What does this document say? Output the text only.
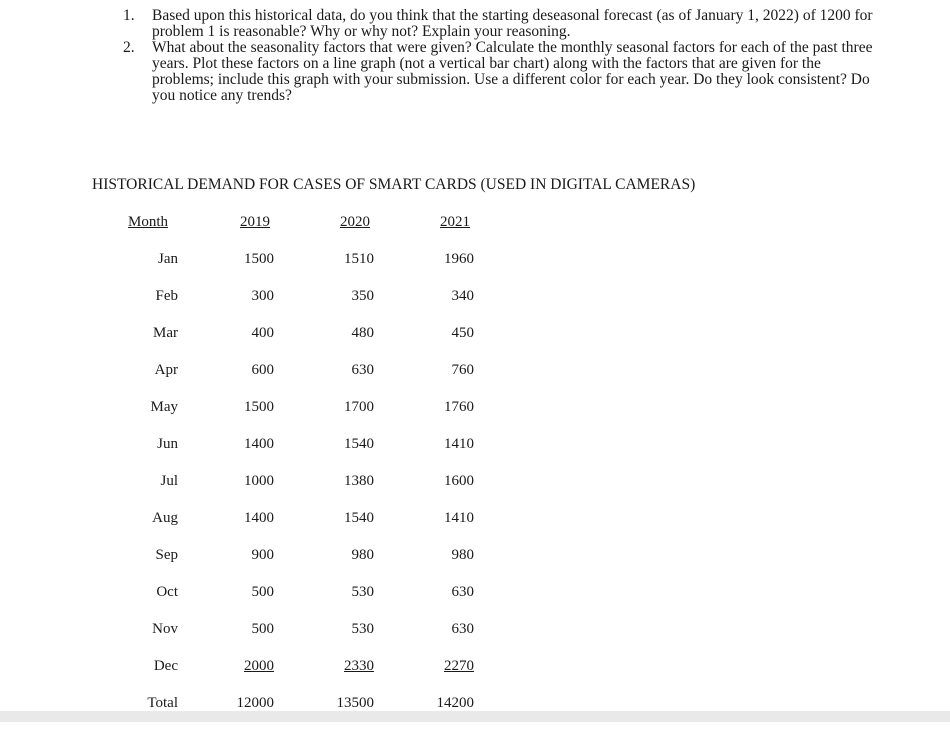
1. Based upon this historical data, do you think that the starting deseasonal forecast (as of January 1, 2022) of 1200 for problem 1 is reasonable? Why or why not? Explain your reasoning.
2. What about the seasonality factors that were given? Calculate the monthly seasonal factors for each of the past three years. Plot these factors on a line graph (not a vertical bar chart) along with the factors that are given for the problems; include this graph with your submission. Use a different color for each year. Do they look consistent? Do you notice any trends?
HISTORICAL DEMAND FOR CASES OF SMART CARDS (USED IN DIGITAL CAMERAS)
Month	2019	2020	2021
Jan	1500	1510	1960
Feb	300	350	340
Mar	400	480	450
Apr	600	630	760
May	1500	1700	1760
Jun	1400	1540	1410
Jul	1000	1380	1600
Aug	1400	1540	1410
Sep	900	980	980
Oct	500	530	630
Nov	500	530	630
Dec	2000	2330	2270
Total	12000	13500	14200
